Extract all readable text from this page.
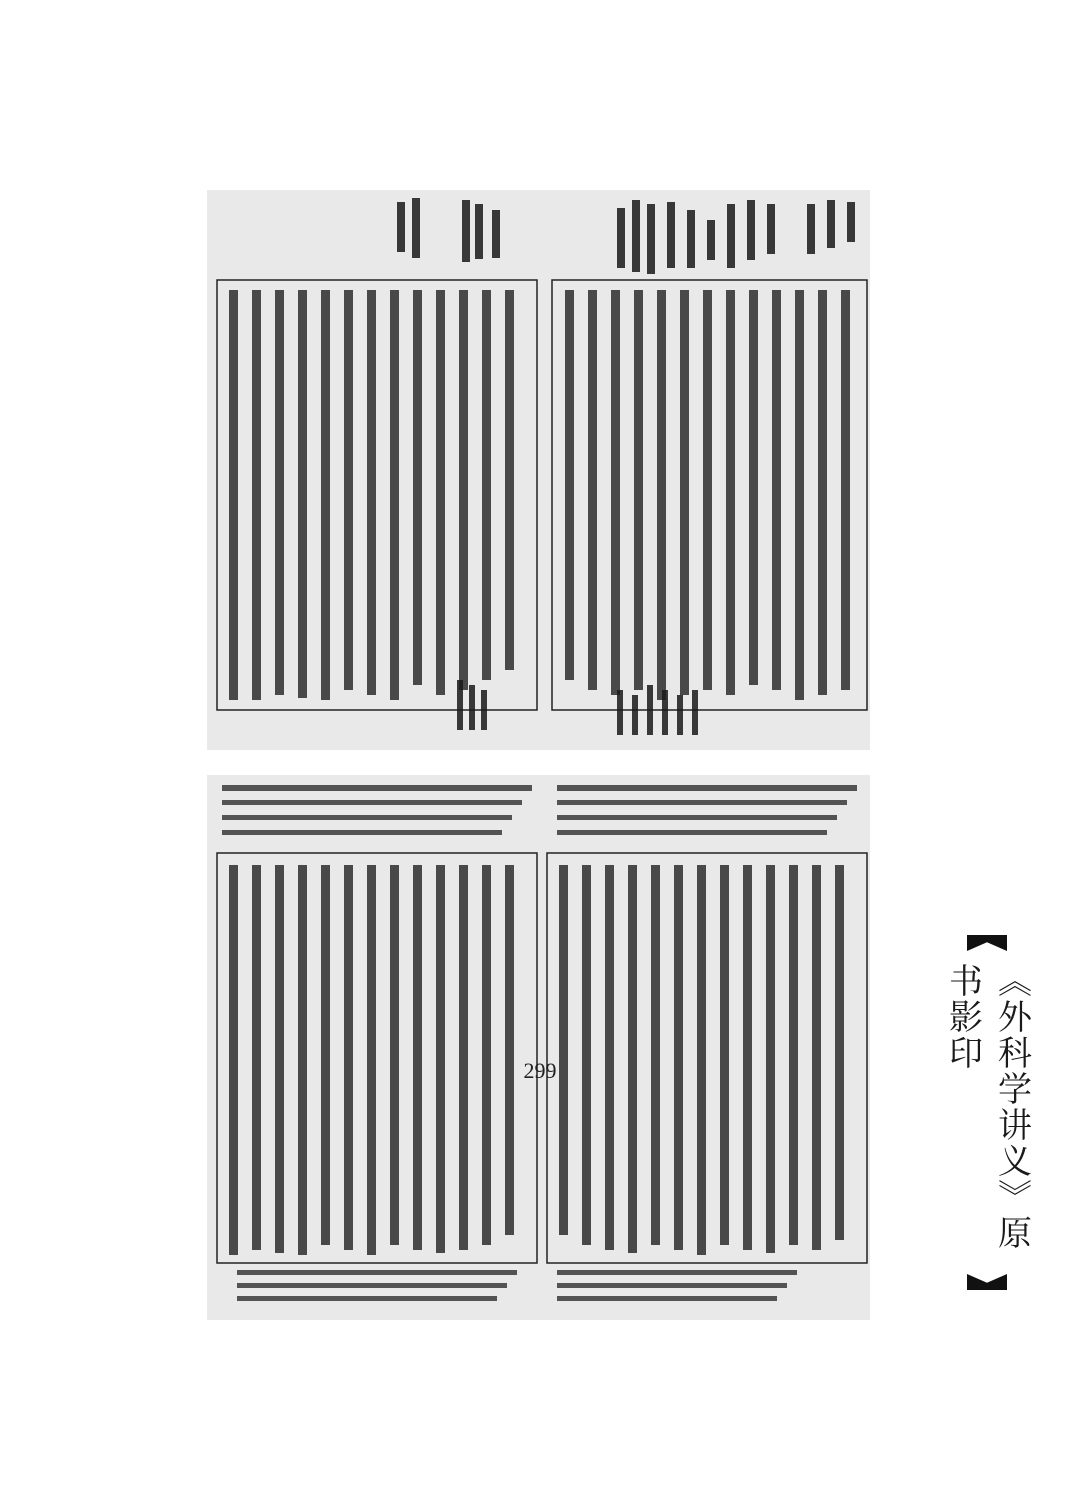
《外科学讲义》原书影印
299
